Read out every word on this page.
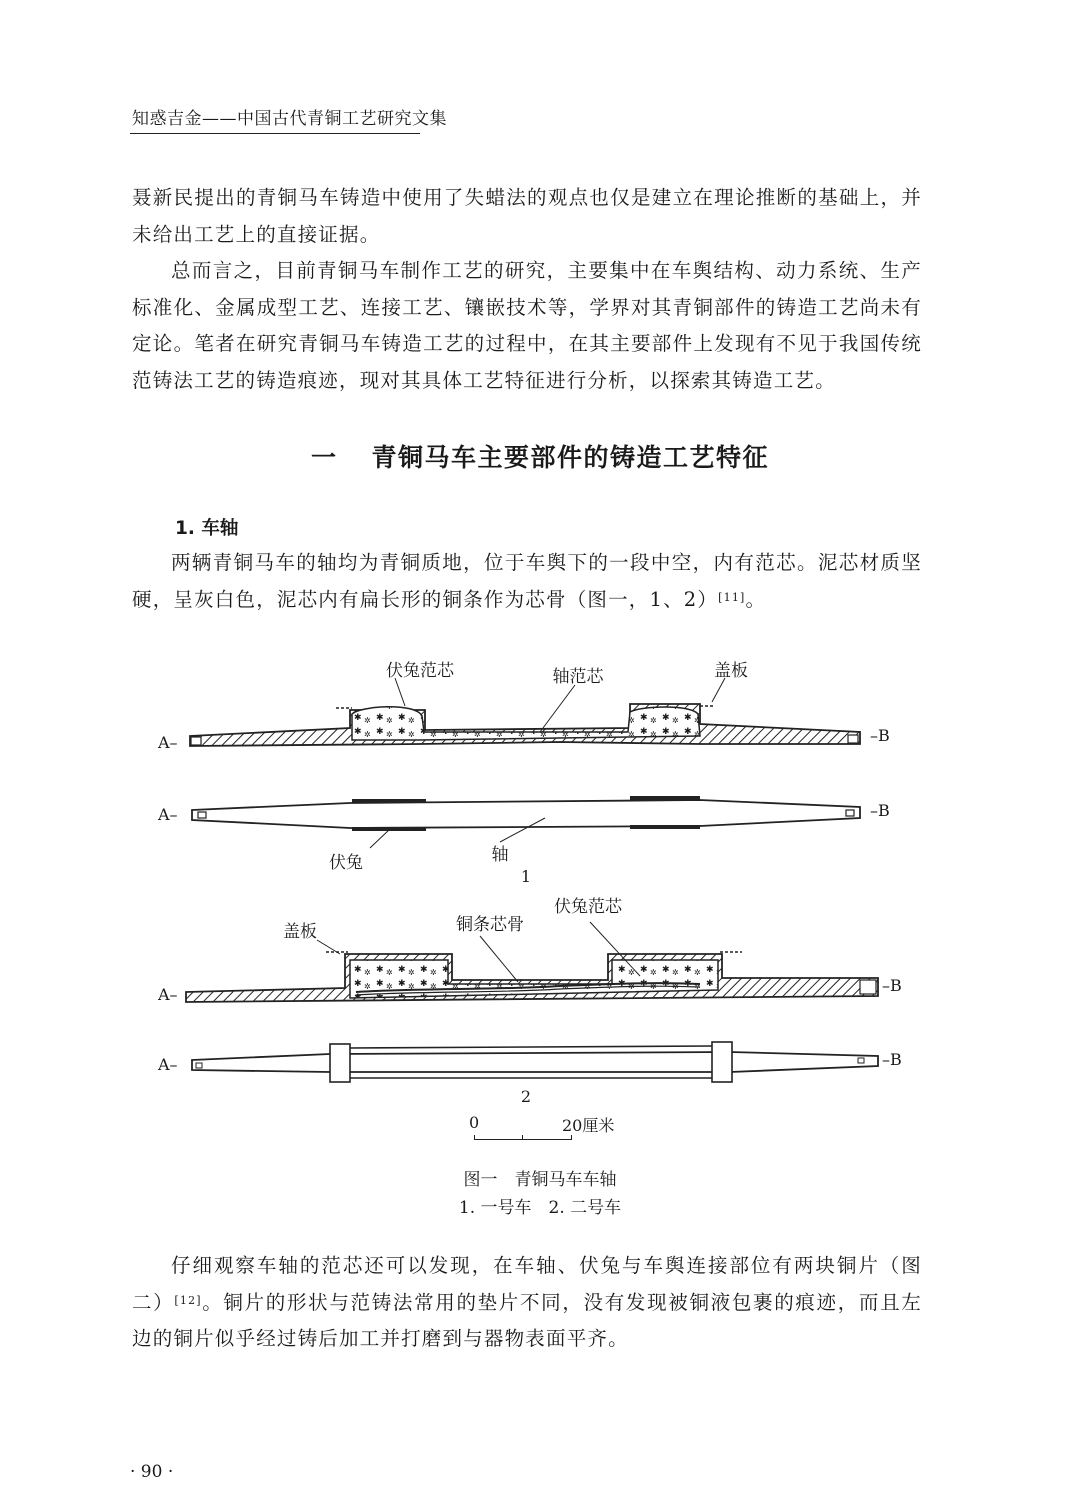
知惑吉金——中国古代青铜工艺研究文集

聂新民提出的青铜马车铸造中使用了失蜡法的观点也仅是建立在理论推断的基础上，并未给出工艺上的直接证据。

总而言之，目前青铜马车制作工艺的研究，主要集中在车舆结构、动力系统、生产标准化、金属成型工艺、连接工艺、镶嵌技术等，学界对其青铜部件的铸造工艺尚未有定论。笔者在研究青铜马车铸造工艺的过程中，在其主要部件上发现有不见于我国传统范铸法工艺的铸造痕迹，现对其具体工艺特征进行分析，以探索其铸造工艺。

一 青铜马车主要部件的铸造工艺特征
1. 车轴

两辆青铜马车的轴均为青铜质地，位于车舆下的一段中空，内有范芯。泥芯材质坚硬，呈灰白色，泥芯内有扁长形的铜条作为芯骨（图一，1、2）[11]。

伏兔范芯	轴范芯	盖板
A–	–B
A–	–B
伏兔	轴
1
伏兔范芯
铜条芯骨
盖板
A–	–B
A–	–B
2
0	20厘米
图一　青铜马车车轴
1. 一号车　2. 二号车

仔细观察车轴的范芯还可以发现，在车轴、伏兔与车舆连接部位有两块铜片（图二）[12]。铜片的形状与范铸法常用的垫片不同，没有发现被铜液包裹的痕迹，而且左边的铜片似乎经过铸后加工并打磨到与器物表面平齐。

· 90 ·
